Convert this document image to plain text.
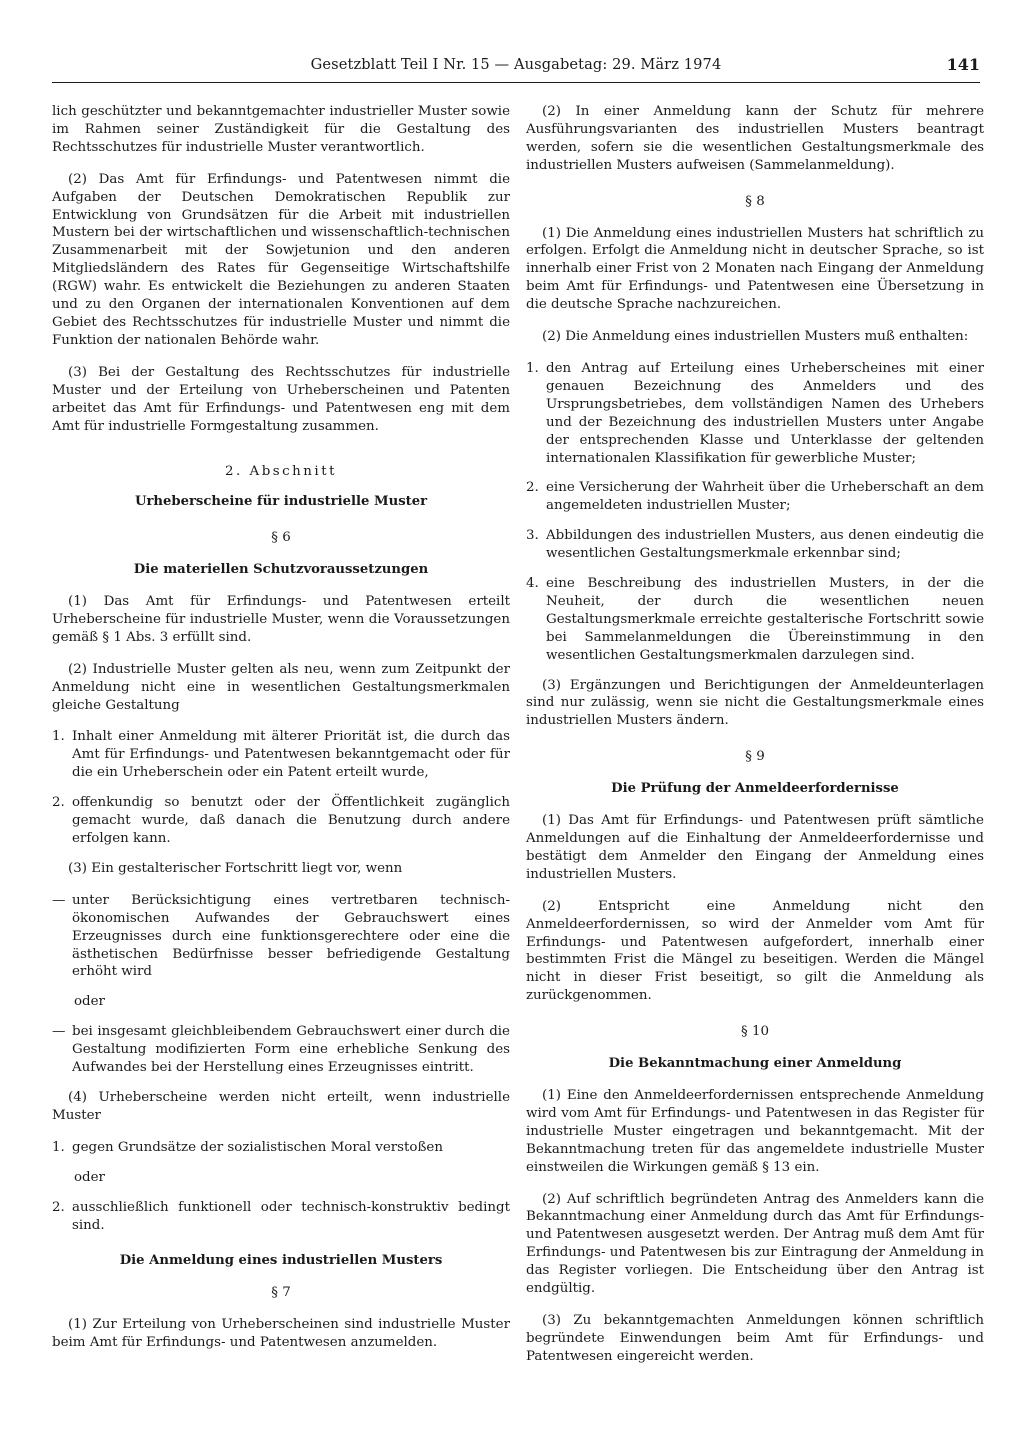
Gesetzblatt Teil I Nr. 15 — Ausgabetag: 29. März 1974	141

lich geschützter und bekanntgemachter industrieller Muster sowie im Rahmen seiner Zuständigkeit für die Gestaltung des Rechtsschutzes für industrielle Muster verantwortlich.

(2) Das Amt für Erfindungs- und Patentwesen nimmt die Aufgaben der Deutschen Demokratischen Republik zur Entwicklung von Grundsätzen für die Arbeit mit industriellen Mustern bei der wirtschaftlichen und wissenschaftlich-technischen Zusammenarbeit mit der Sowjetunion und den anderen Mitgliedsländern des Rates für Gegenseitige Wirtschaftshilfe (RGW) wahr. Es entwickelt die Beziehungen zu anderen Staaten und zu den Organen der internationalen Konventionen auf dem Gebiet des Rechtsschutzes für industrielle Muster und nimmt die Funktion der nationalen Behörde wahr.

(3) Bei der Gestaltung des Rechtsschutzes für industrielle Muster und der Erteilung von Urheberscheinen und Patenten arbeitet das Amt für Erfindungs- und Patentwesen eng mit dem Amt für industrielle Formgestaltung zusammen.

2. Abschnitt
Urheberscheine für industrielle Muster
§ 6
Die materiellen Schutzvoraussetzungen

(1) Das Amt für Erfindungs- und Patentwesen erteilt Urheberscheine für industrielle Muster, wenn die Voraussetzungen gemäß § 1 Abs. 3 erfüllt sind.

(2) Industrielle Muster gelten als neu, wenn zum Zeitpunkt der Anmeldung nicht eine in wesentlichen Gestaltungsmerkmalen gleiche Gestaltung

1. Inhalt einer Anmeldung mit älterer Priorität ist, die durch das Amt für Erfindungs- und Patentwesen bekanntgemacht oder für die ein Urheberschein oder ein Patent erteilt wurde,
2. offenkundig so benutzt oder der Öffentlichkeit zugänglich gemacht wurde, daß danach die Benutzung durch andere erfolgen kann.

(3) Ein gestalterischer Fortschritt liegt vor, wenn

— unter Berücksichtigung eines vertretbaren technisch-ökonomischen Aufwandes der Gebrauchswert eines Erzeugnisses durch eine funktionsgerechtere oder eine die ästhetischen Bedürfnisse besser befriedigende Gestaltung erhöht wird
oder
— bei insgesamt gleichbleibendem Gebrauchswert einer durch die Gestaltung modifizierten Form eine erhebliche Senkung des Aufwandes bei der Herstellung eines Erzeugnisses eintritt.

(4) Urheberscheine werden nicht erteilt, wenn industrielle Muster

1. gegen Grundsätze der sozialistischen Moral verstoßen
oder
2. ausschließlich funktionell oder technisch-konstruktiv bedingt sind.
Die Anmeldung eines industriellen Musters
§ 7

(1) Zur Erteilung von Urheberscheinen sind industrielle Muster beim Amt für Erfindungs- und Patentwesen anzumelden.

(2) In einer Anmeldung kann der Schutz für mehrere Ausführungsvarianten des industriellen Musters beantragt werden, sofern sie die wesentlichen Gestaltungsmerkmale des industriellen Musters aufweisen (Sammelanmeldung).

§ 8

(1) Die Anmeldung eines industriellen Musters hat schriftlich zu erfolgen. Erfolgt die Anmeldung nicht in deutscher Sprache, so ist innerhalb einer Frist von 2 Monaten nach Eingang der Anmeldung beim Amt für Erfindungs- und Patentwesen eine Übersetzung in die deutsche Sprache nachzureichen.

(2) Die Anmeldung eines industriellen Musters muß enthalten:

1. den Antrag auf Erteilung eines Urheberscheines mit einer genauen Bezeichnung des Anmelders und des Ursprungsbetriebes, dem vollständigen Namen des Urhebers und der Bezeichnung des industriellen Musters unter Angabe der entsprechenden Klasse und Unterklasse der geltenden internationalen Klassifikation für gewerbliche Muster;
2. eine Versicherung der Wahrheit über die Urheberschaft an dem angemeldeten industriellen Muster;
3. Abbildungen des industriellen Musters, aus denen eindeutig die wesentlichen Gestaltungsmerkmale erkennbar sind;
4. eine Beschreibung des industriellen Musters, in der die Neuheit, der durch die wesentlichen neuen Gestaltungsmerkmale erreichte gestalterische Fortschritt sowie bei Sammelanmeldungen die Übereinstimmung in den wesentlichen Gestaltungsmerkmalen darzulegen sind.

(3) Ergänzungen und Berichtigungen der Anmeldeunterlagen sind nur zulässig, wenn sie nicht die Gestaltungsmerkmale eines industriellen Musters ändern.

§ 9
Die Prüfung der Anmeldeerfordernisse

(1) Das Amt für Erfindungs- und Patentwesen prüft sämtliche Anmeldungen auf die Einhaltung der Anmeldeerfordernisse und bestätigt dem Anmelder den Eingang der Anmeldung eines industriellen Musters.

(2) Entspricht eine Anmeldung nicht den Anmeldeerfordernissen, so wird der Anmelder vom Amt für Erfindungs- und Patentwesen aufgefordert, innerhalb einer bestimmten Frist die Mängel zu beseitigen. Werden die Mängel nicht in dieser Frist beseitigt, so gilt die Anmeldung als zurückgenommen.

§ 10
Die Bekanntmachung einer Anmeldung

(1) Eine den Anmeldeerfordernissen entsprechende Anmeldung wird vom Amt für Erfindungs- und Patentwesen in das Register für industrielle Muster eingetragen und bekanntgemacht. Mit der Bekanntmachung treten für das angemeldete industrielle Muster einstweilen die Wirkungen gemäß § 13 ein.

(2) Auf schriftlich begründeten Antrag des Anmelders kann die Bekanntmachung einer Anmeldung durch das Amt für Erfindungs- und Patentwesen ausgesetzt werden. Der Antrag muß dem Amt für Erfindungs- und Patentwesen bis zur Eintragung der Anmeldung in das Register vorliegen. Die Entscheidung über den Antrag ist endgültig.

(3) Zu bekanntgemachten Anmeldungen können schriftlich begründete Einwendungen beim Amt für Erfindungs- und Patentwesen eingereicht werden.
